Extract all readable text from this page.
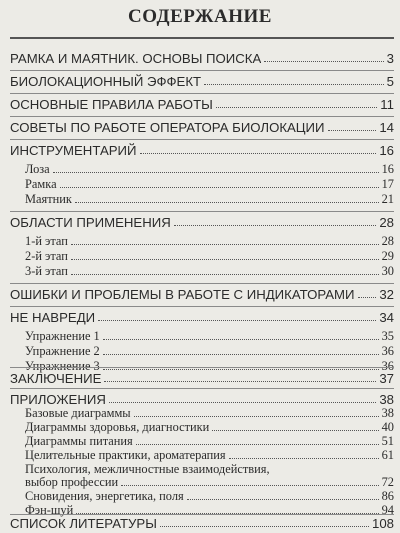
СОДЕРЖАНИЕ
РАМКА И МАЯТНИК. ОСНОВЫ ПОИСКА	3
БИОЛОКАЦИОННЫЙ ЭФФЕКТ	5
ОСНОВНЫЕ ПРАВИЛА РАБОТЫ	11
СОВЕТЫ ПО РАБОТЕ ОПЕРАТОРА БИОЛОКАЦИИ	14
ИНСТРУМЕНТАРИЙ	16
Лоза	16
Рамка	17
Маятник	21
ОБЛАСТИ ПРИМЕНЕНИЯ	28
1-й этап	28
2-й этап	29
3-й этап	30
ОШИБКИ И ПРОБЛЕМЫ В РАБОТЕ С ИНДИКАТОРАМИ 32
НЕ НАВРЕДИ	34
Упражнение 1	35
Упражнение 2	36
Упражнение 3	36
ЗАКЛЮЧЕНИЕ	37
ПРИЛОЖЕНИЯ	38
Базовые диаграммы	38
Диаграммы здоровья, диагностики	40
Диаграммы питания	51
Целительные практики, ароматерапия	61
Психология, межличностные взаимодействия,
выбор профессии	72
Сновидения, энергетика, поля	86
Фэн-шуй	94
СПИСОК ЛИТЕРАТУРЫ	108
